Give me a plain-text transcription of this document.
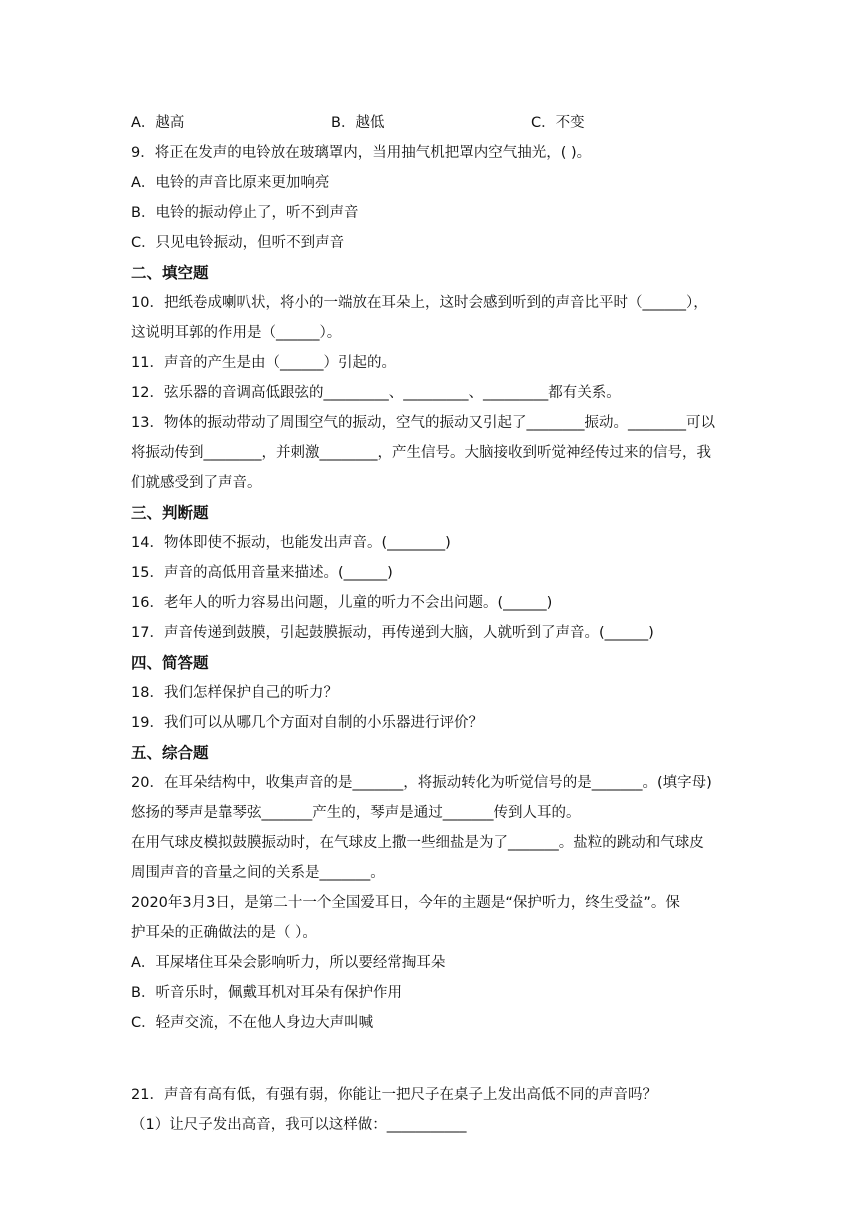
A．越高	B．越低	C．不变
9．将正在发声的电铃放在玻璃罩内，当用抽气机把罩内空气抽光，( )。
A．电铃的声音比原来更加响亮
B．电铃的振动停止了，听不到声音
C．只见电铃振动，但听不到声音
二、填空题
10．把纸卷成喇叭状，将小的一端放在耳朵上，这时会感到听到的声音比平时（______），
这说明耳郭的作用是（______）。
11．声音的产生是由（______）引起的。
12．弦乐器的音调高低跟弦的_________、_________、_________都有关系。
13．物体的振动带动了周围空气的振动，空气的振动又引起了________振动。________可以
将振动传到________，并刺激________，产生信号。大脑接收到听觉神经传过来的信号，我
们就感受到了声音。
三、判断题
14．物体即使不振动，也能发出声音。(________)
15．声音的高低用音量来描述。(______)
16．老年人的听力容易出问题，儿童的听力不会出问题。(______)
17．声音传递到鼓膜，引起鼓膜振动，再传递到大脑，人就听到了声音。(______)
四、简答题
18．我们怎样保护自己的听力？
19．我们可以从哪几个方面对自制的小乐器进行评价？
五、综合题
20．在耳朵结构中，收集声音的是_______，将振动转化为听觉信号的是_______。(填字母)
悠扬的琴声是靠琴弦_______产生的，琴声是通过_______传到人耳的。
在用气球皮模拟鼓膜振动时，在气球皮上撒一些细盐是为了_______。盐粒的跳动和气球皮
周围声音的音量之间的关系是_______。
2020年3月3日，是第二十一个全国爱耳日，今年的主题是“保护听力，终生受益”。保
护耳朵的正确做法的是（ ）。
A．耳屎堵住耳朵会影响听力，所以要经常掏耳朵
B．听音乐时，佩戴耳机对耳朵有保护作用
C．轻声交流，不在他人身边大声叫喊
21．声音有高有低，有强有弱，你能让一把尺子在桌子上发出高低不同的声音吗？
（1）让尺子发出高音，我可以这样做：___________
